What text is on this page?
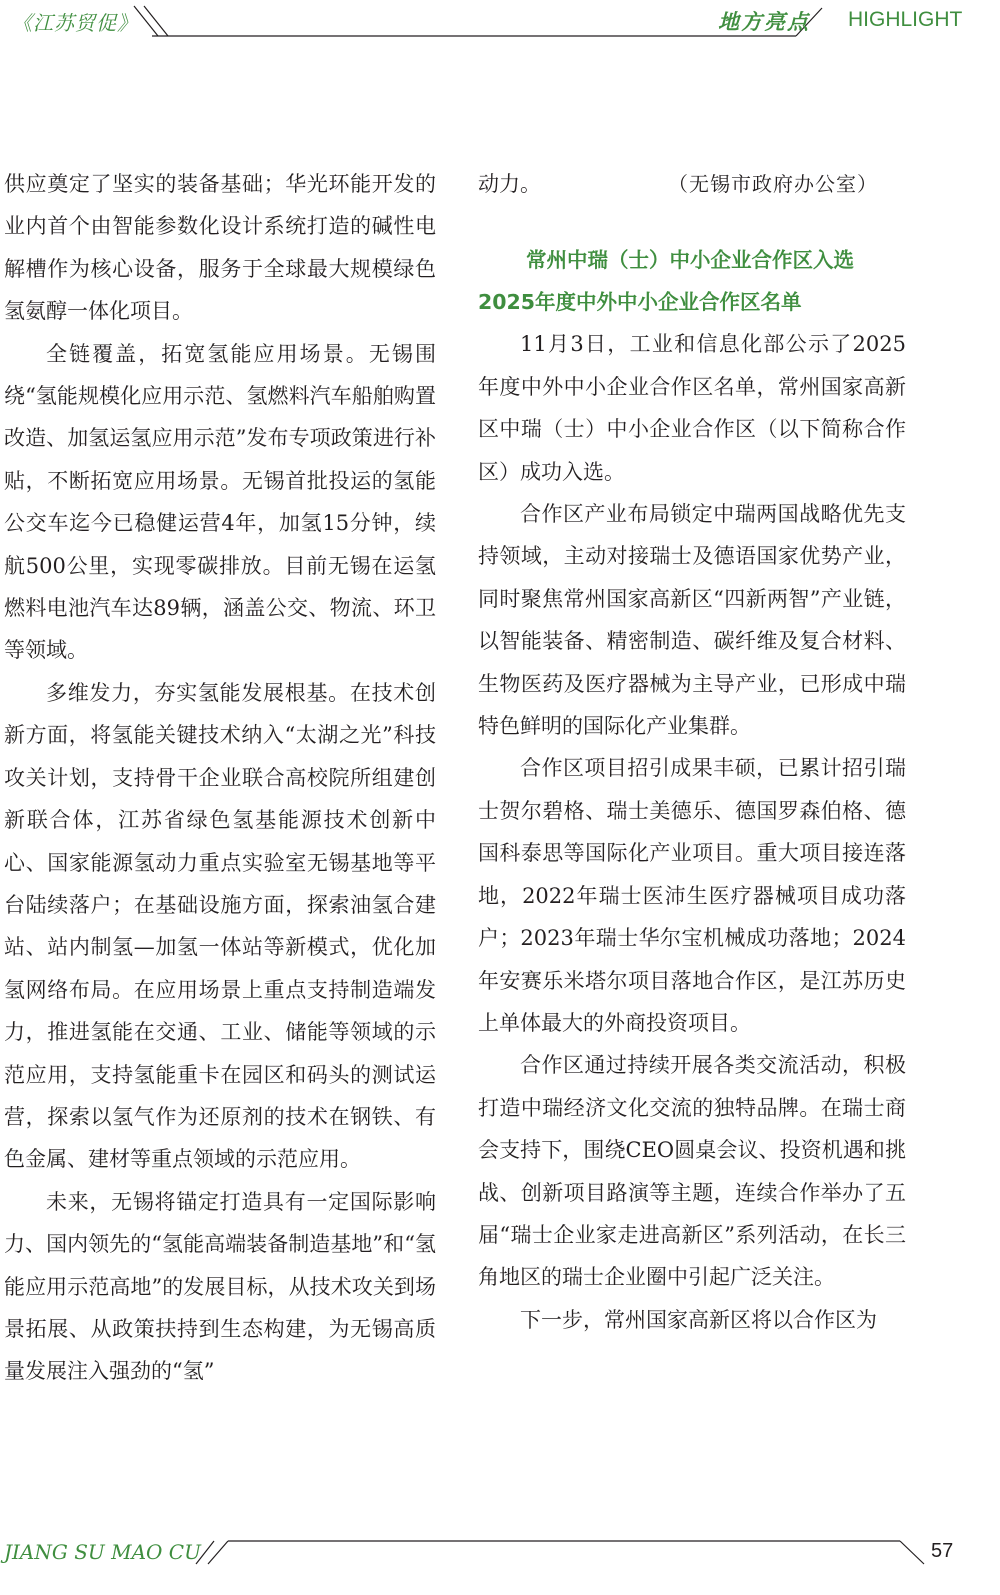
《江苏贸促》	地方亮点 HIGHLIGHT

供应奠定了坚实的装备基础；华光环能开发的业内首个由智能参数化设计系统打造的碱性电解槽作为核心设备，服务于全球最大规模绿色氢氨醇一体化项目。

全链覆盖，拓宽氢能应用场景。无锡围绕“氢能规模化应用示范、氢燃料汽车船舶购置改造、加氢运氢应用示范”发布专项政策进行补贴，不断拓宽应用场景。无锡首批投运的氢能公交车迄今已稳健运营4年，加氢15分钟，续航500公里，实现零碳排放。目前无锡在运氢燃料电池汽车达89辆，涵盖公交、物流、环卫等领域。

多维发力，夯实氢能发展根基。在技术创新方面，将氢能关键技术纳入“太湖之光”科技攻关计划，支持骨干企业联合高校院所组建创新联合体，江苏省绿色氢基能源技术创新中心、国家能源氢动力重点实验室无锡基地等平台陆续落户；在基础设施方面，探索油氢合建站、站内制氢—加氢一体站等新模式，优化加氢网络布局。在应用场景上重点支持制造端发力，推进氢能在交通、工业、储能等领域的示范应用，支持氢能重卡在园区和码头的测试运营，探索以氢气作为还原剂的技术在钢铁、有色金属、建材等重点领域的示范应用。

未来，无锡将锚定打造具有一定国际影响力、国内领先的“氢能高端装备制造基地”和“氢能应用示范高地”的发展目标，从技术攻关到场景拓展、从政策扶持到生态构建，为无锡高质量发展注入强劲的“氢”

动力。	（无锡市政府办公室）

常州中瑞（士）中小企业合作区入选
2025年度中外中小企业合作区名单

11月3日，工业和信息化部公示了2025年度中外中小企业合作区名单，常州国家高新区中瑞（士）中小企业合作区（以下简称合作区）成功入选。

合作区产业布局锁定中瑞两国战略优先支持领域，主动对接瑞士及德语国家优势产业，同时聚焦常州国家高新区“四新两智”产业链，以智能装备、精密制造、碳纤维及复合材料、生物医药及医疗器械为主导产业，已形成中瑞特色鲜明的国际化产业集群。

合作区项目招引成果丰硕，已累计招引瑞士贺尔碧格、瑞士美德乐、德国罗森伯格、德国科泰思等国际化产业项目。重大项目接连落地，2022年瑞士医沛生医疗器械项目成功落户；2023年瑞士华尔宝机械成功落地；2024年安赛乐米塔尔项目落地合作区，是江苏历史上单体最大的外商投资项目。

合作区通过持续开展各类交流活动，积极打造中瑞经济文化交流的独特品牌。在瑞士商会支持下，围绕CEO圆桌会议、投资机遇和挑战、创新项目路演等主题，连续合作举办了五届“瑞士企业家走进高新区”系列活动，在长三角地区的瑞士企业圈中引起广泛关注。

下一步，常州国家高新区将以合作区为

JIANG SU MAO CU	57
